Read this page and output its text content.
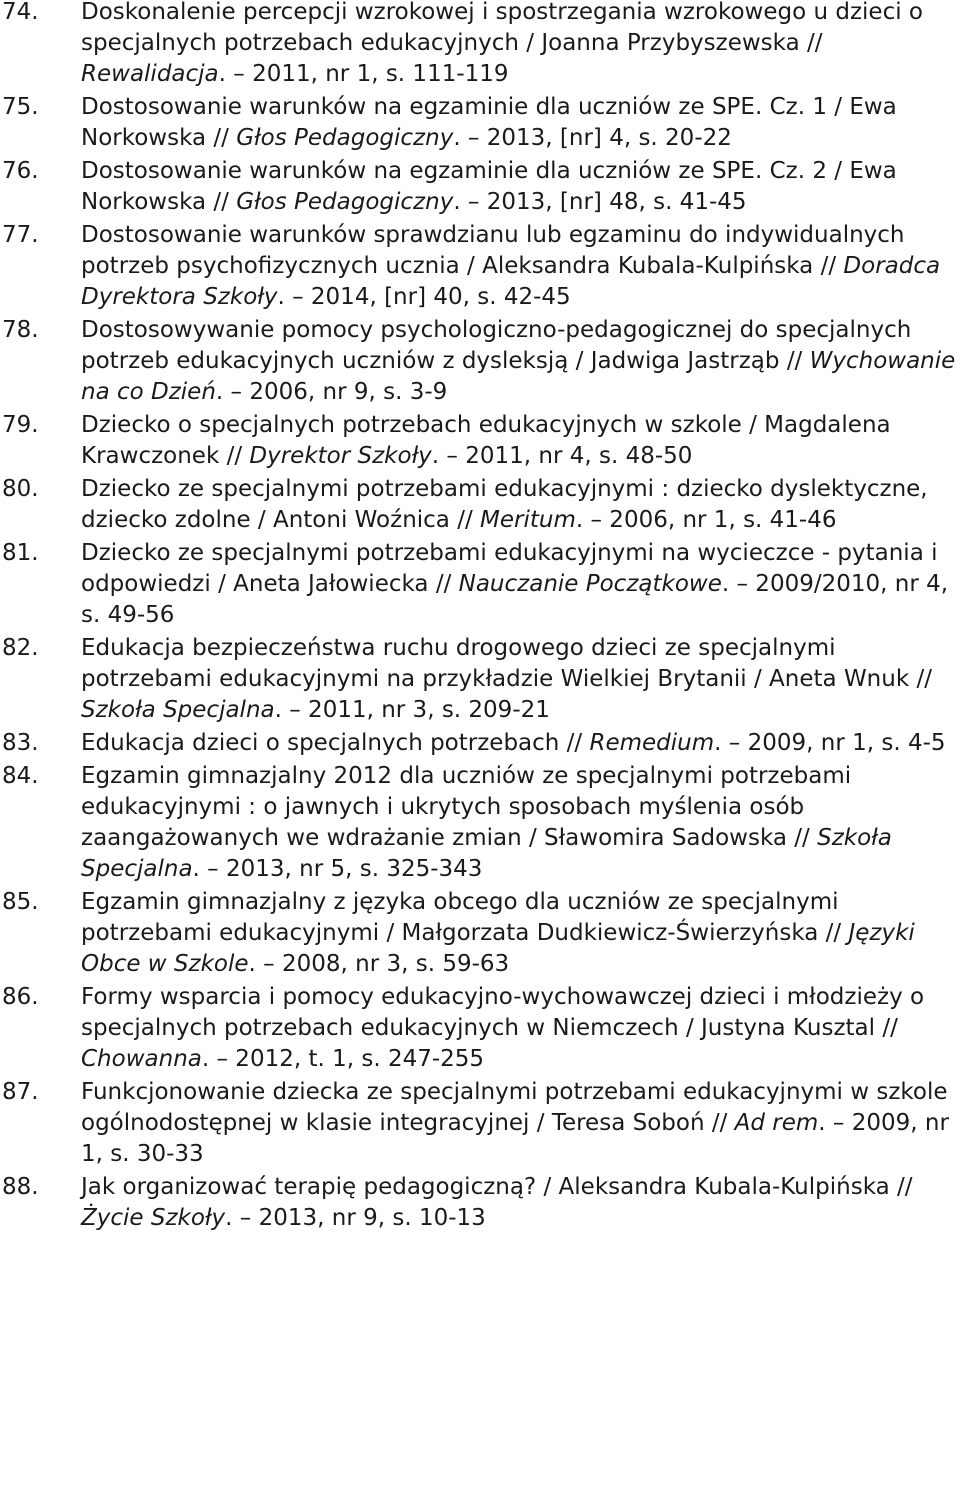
74. Doskonalenie percepcji wzrokowej i spostrzegania wzrokowego u dzieci o specjalnych potrzebach edukacyjnych / Joanna Przybyszewska // Rewalidacja. – 2011, nr 1, s. 111-119
75. Dostosowanie warunków na egzaminie dla uczniów ze SPE. Cz. 1 / Ewa Norkowska // Głos Pedagogiczny. – 2013, [nr] 4, s. 20-22
76. Dostosowanie warunków na egzaminie dla uczniów ze SPE. Cz. 2 / Ewa Norkowska // Głos Pedagogiczny. – 2013, [nr] 48, s. 41-45
77. Dostosowanie warunków sprawdzianu lub egzaminu do indywidualnych potrzeb psychofizycznych ucznia / Aleksandra Kubala-Kulpińska // Doradca Dyrektora Szkoły. – 2014, [nr] 40, s. 42-45
78. Dostosowywanie pomocy psychologiczno-pedagogicznej do specjalnych potrzeb edukacyjnych uczniów z dysleksją / Jadwiga Jastrząb // Wychowanie na co Dzień. – 2006, nr 9, s. 3-9
79. Dziecko o specjalnych potrzebach edukacyjnych w szkole / Magdalena Krawczonek // Dyrektor Szkoły. – 2011, nr 4, s. 48-50
80. Dziecko ze specjalnymi potrzebami edukacyjnymi : dziecko dyslektyczne, dziecko zdolne / Antoni Woźnica // Meritum. – 2006, nr 1, s. 41-46
81. Dziecko ze specjalnymi potrzebami edukacyjnymi na wycieczce - pytania i odpowiedzi / Aneta Jałowiecka // Nauczanie Początkowe. – 2009/2010, nr 4, s. 49-56
82. Edukacja bezpieczeństwa ruchu drogowego dzieci ze specjalnymi potrzebami edukacyjnymi na przykładzie Wielkiej Brytanii / Aneta Wnuk // Szkoła Specjalna. – 2011, nr 3, s. 209-21
83. Edukacja dzieci o specjalnych potrzebach // Remedium. – 2009, nr 1, s. 4-5
84. Egzamin gimnazjalny 2012 dla uczniów ze specjalnymi potrzebami edukacyjnymi : o jawnych i ukrytych sposobach myślenia osób zaangażowanych we wdrażanie zmian / Sławomira Sadowska // Szkoła Specjalna. – 2013, nr 5, s. 325-343
85. Egzamin gimnazjalny z języka obcego dla uczniów ze specjalnymi potrzebami edukacyjnymi / Małgorzata Dudkiewicz-Świerzyńska // Języki Obce w Szkole. – 2008, nr 3, s. 59-63
86. Formy wsparcia i pomocy edukacyjno-wychowawczej dzieci i młodzieży o specjalnych potrzebach edukacyjnych w Niemczech / Justyna Kusztal // Chowanna. – 2012, t. 1, s. 247-255
87. Funkcjonowanie dziecka ze specjalnymi potrzebami edukacyjnymi w szkole ogólnodostępnej w klasie integracyjnej / Teresa Soboń // Ad rem. – 2009, nr 1, s. 30-33
88. Jak organizować terapię pedagogiczną? / Aleksandra Kubala-Kulpińska // Życie Szkoły. – 2013, nr 9, s. 10-13
